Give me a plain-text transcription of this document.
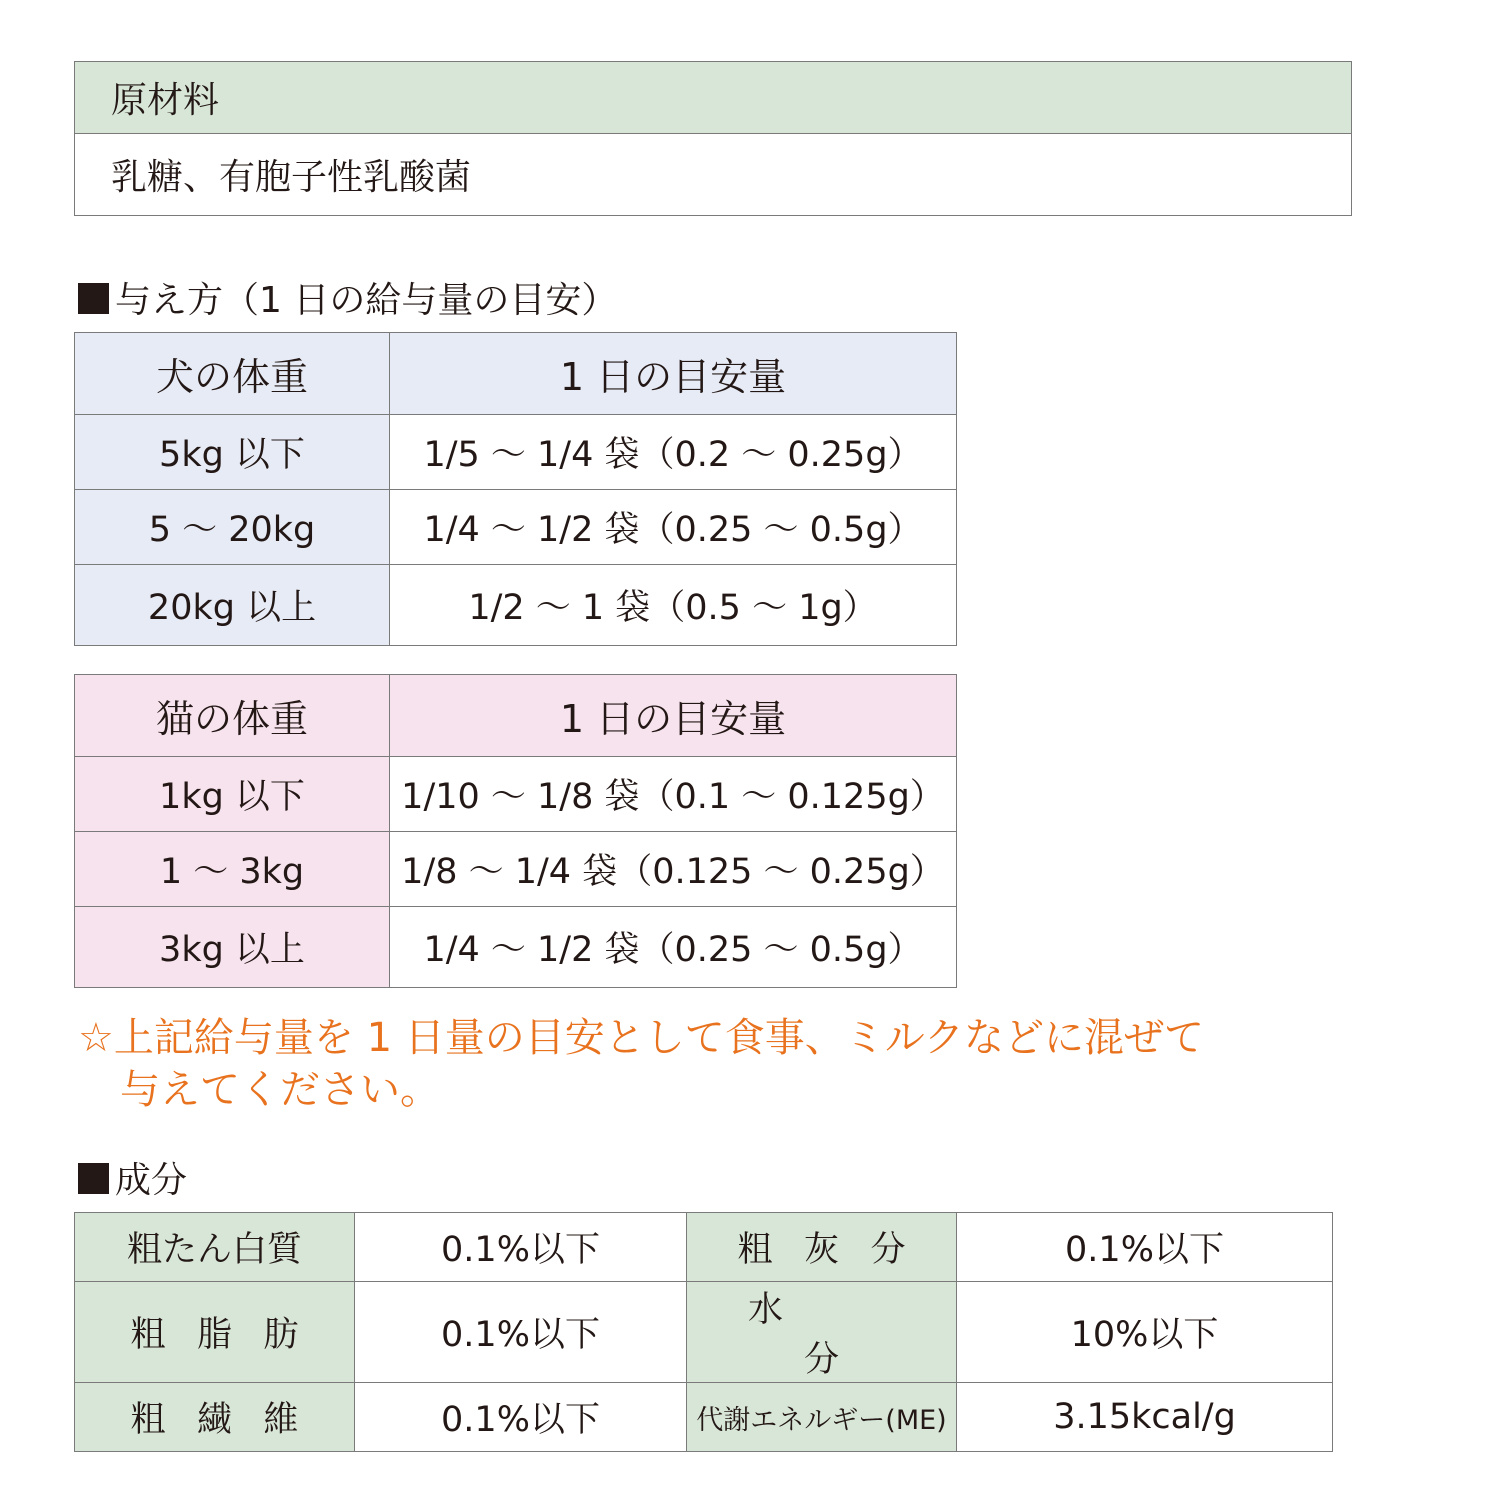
原材料
乳糖、有胞子性乳酸菌
与え方（1 日の給与量の目安）
犬の体重	1 日の目安量
5kg 以下	1/5 ～ 1/4 袋（0.2 ～ 0.25g）
5 ～ 20kg	1/4 ～ 1/2 袋（0.25 ～ 0.5g）
20kg 以上	1/2 ～ 1 袋（0.5 ～ 1g）
猫の体重	1 日の目安量
1kg 以下	1/10 ～ 1/8 袋（0.1 ～ 0.125g）
1 ～ 3kg	1/8 ～ 1/4 袋（0.125 ～ 0.25g）
3kg 以上	1/4 ～ 1/2 袋（0.25 ～ 0.5g）
☆上記給与量を 1 日量の目安として食事、ミルクなどに混ぜて
与えてください。
成分
粗たん白質	0.1%以下	粗灰分	0.1%以下
粗脂肪	0.1%以下	水分	10%以下
粗繊維	0.1%以下	代謝エネルギー(ME)	3.15kcal/g
